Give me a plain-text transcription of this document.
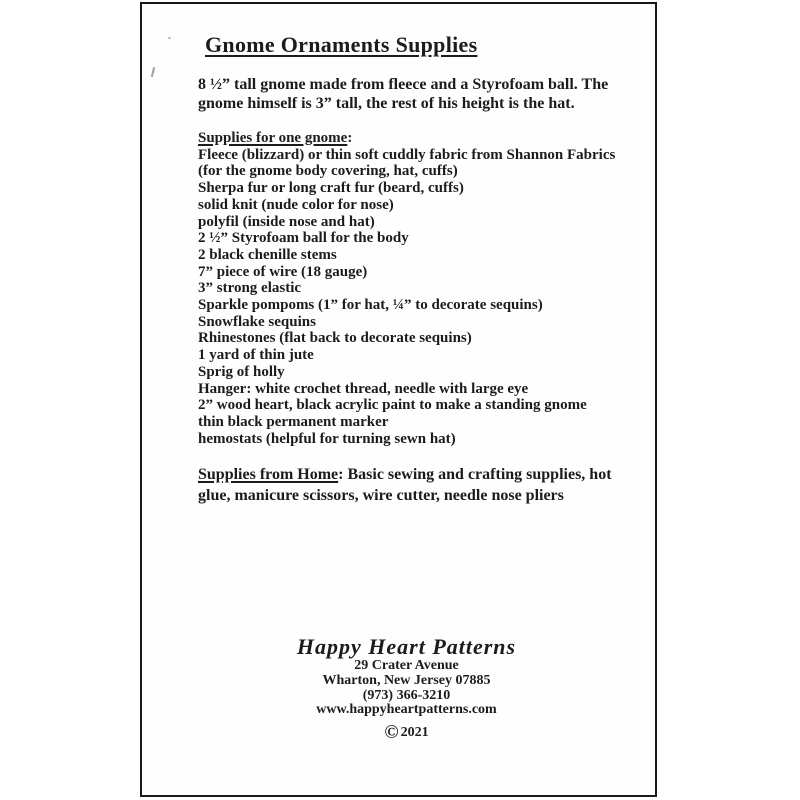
Gnome Ornaments Supplies

8 ½” tall gnome made from fleece and a Styrofoam ball. The
gnome himself is 3” tall, the rest of his height is the hat.

Supplies for one gnome:
Fleece (blizzard) or thin soft cuddly fabric from Shannon Fabrics
(for the gnome body covering, hat, cuffs)
Sherpa fur or long craft fur (beard, cuffs)
solid knit (nude color for nose)
polyfil (inside nose and hat)
2 ½” Styrofoam ball for the body
2 black chenille stems
7” piece of wire (18 gauge)
3” strong elastic
Sparkle pompoms (1” for hat, ¼” to decorate sequins)
Snowflake sequins
Rhinestones (flat back to decorate sequins)
1 yard of thin jute
Sprig of holly
Hanger: white crochet thread, needle with large eye
2” wood heart, black acrylic paint to make a standing gnome
thin black permanent marker
hemostats (helpful for turning sewn hat)

Supplies from Home: Basic sewing and crafting supplies, hot
glue, manicure scissors, wire cutter, needle nose pliers

Happy Heart Patterns
29 Crater Avenue
Wharton, New Jersey 07885
(973) 366-3210
www.happyheartpatterns.com
© 2021
